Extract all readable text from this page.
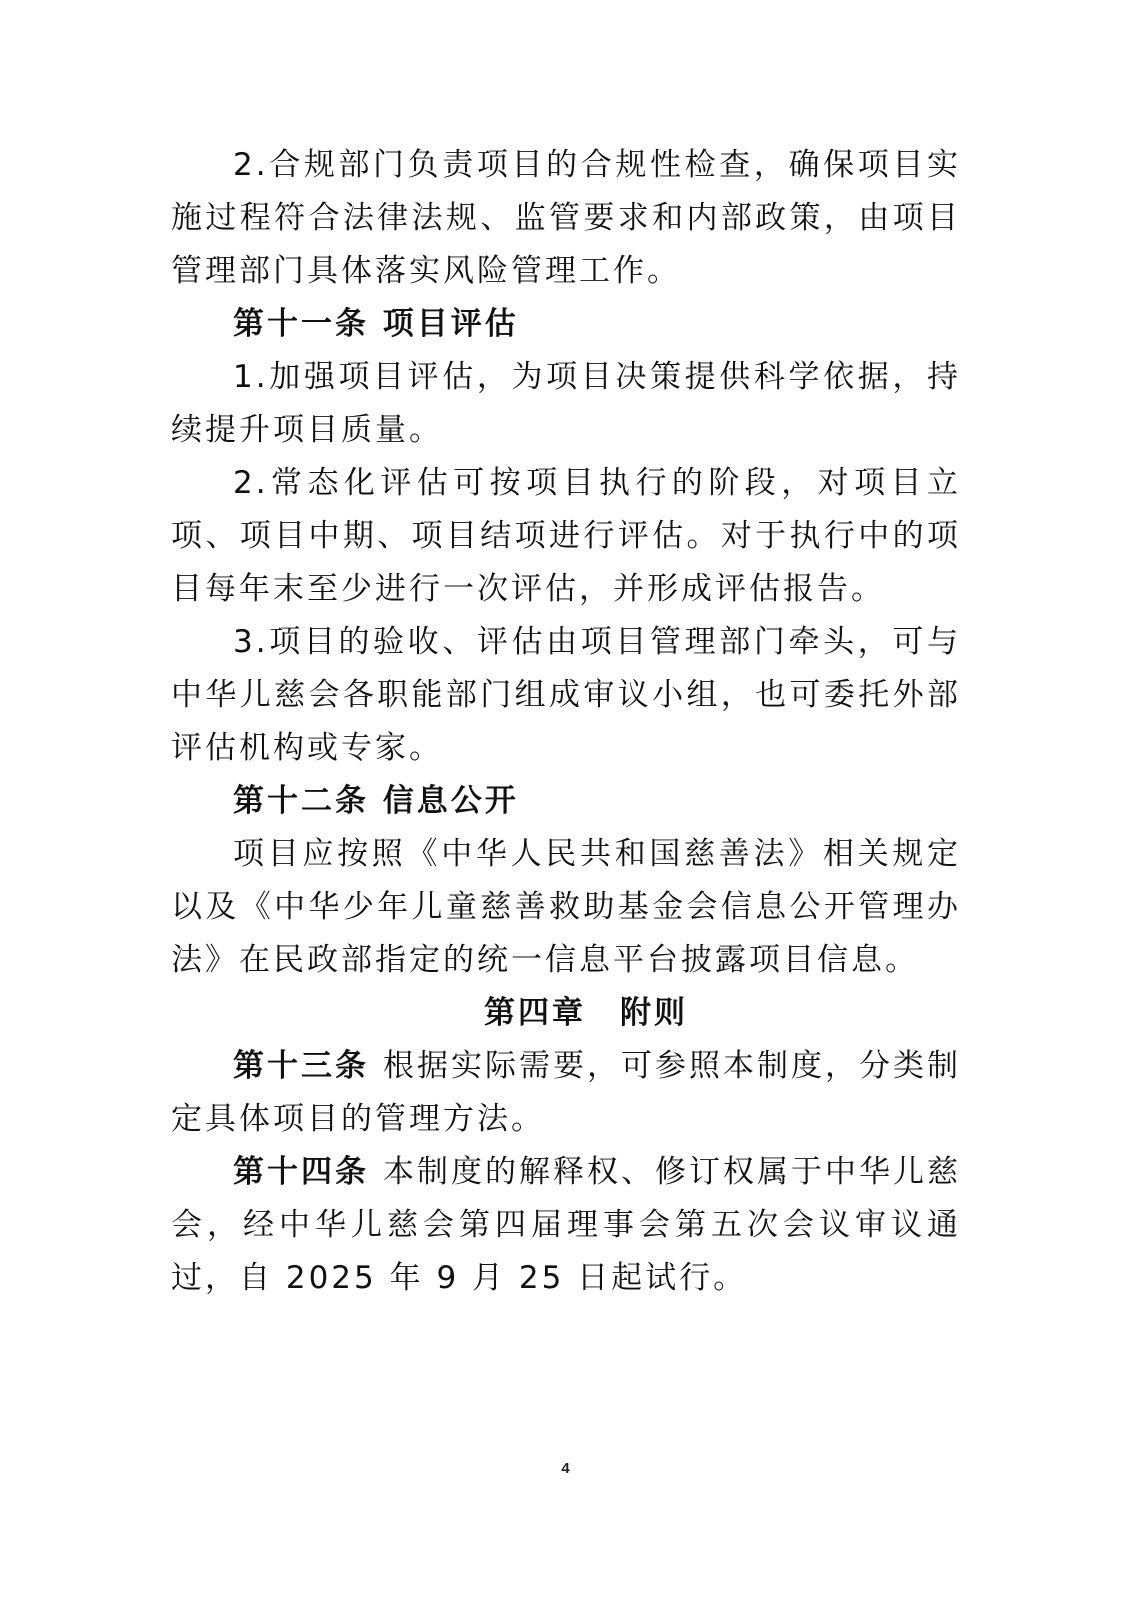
2.合规部门负责项目的合规性检查，确保项目实施过程符合法律法规、监管要求和内部政策，由项目管理部门具体落实风险管理工作。

第十一条 项目评估

1.加强项目评估，为项目决策提供科学依据，持续提升项目质量。

2.常态化评估可按项目执行的阶段，对项目立项、项目中期、项目结项进行评估。对于执行中的项目每年末至少进行一次评估，并形成评估报告。

3.项目的验收、评估由项目管理部门牵头，可与中华儿慈会各职能部门组成审议小组，也可委托外部评估机构或专家。

第十二条 信息公开

项目应按照《中华人民共和国慈善法》相关规定以及《中华少年儿童慈善救助基金会信息公开管理办法》在民政部指定的统一信息平台披露项目信息。

第四章　附则

第十三条 根据实际需要，可参照本制度，分类制定具体项目的管理方法。

第十四条 本制度的解释权、修订权属于中华儿慈会，经中华儿慈会第四届理事会第五次会议审议通过，自 2025 年 9 月 25 日起试行。

4
